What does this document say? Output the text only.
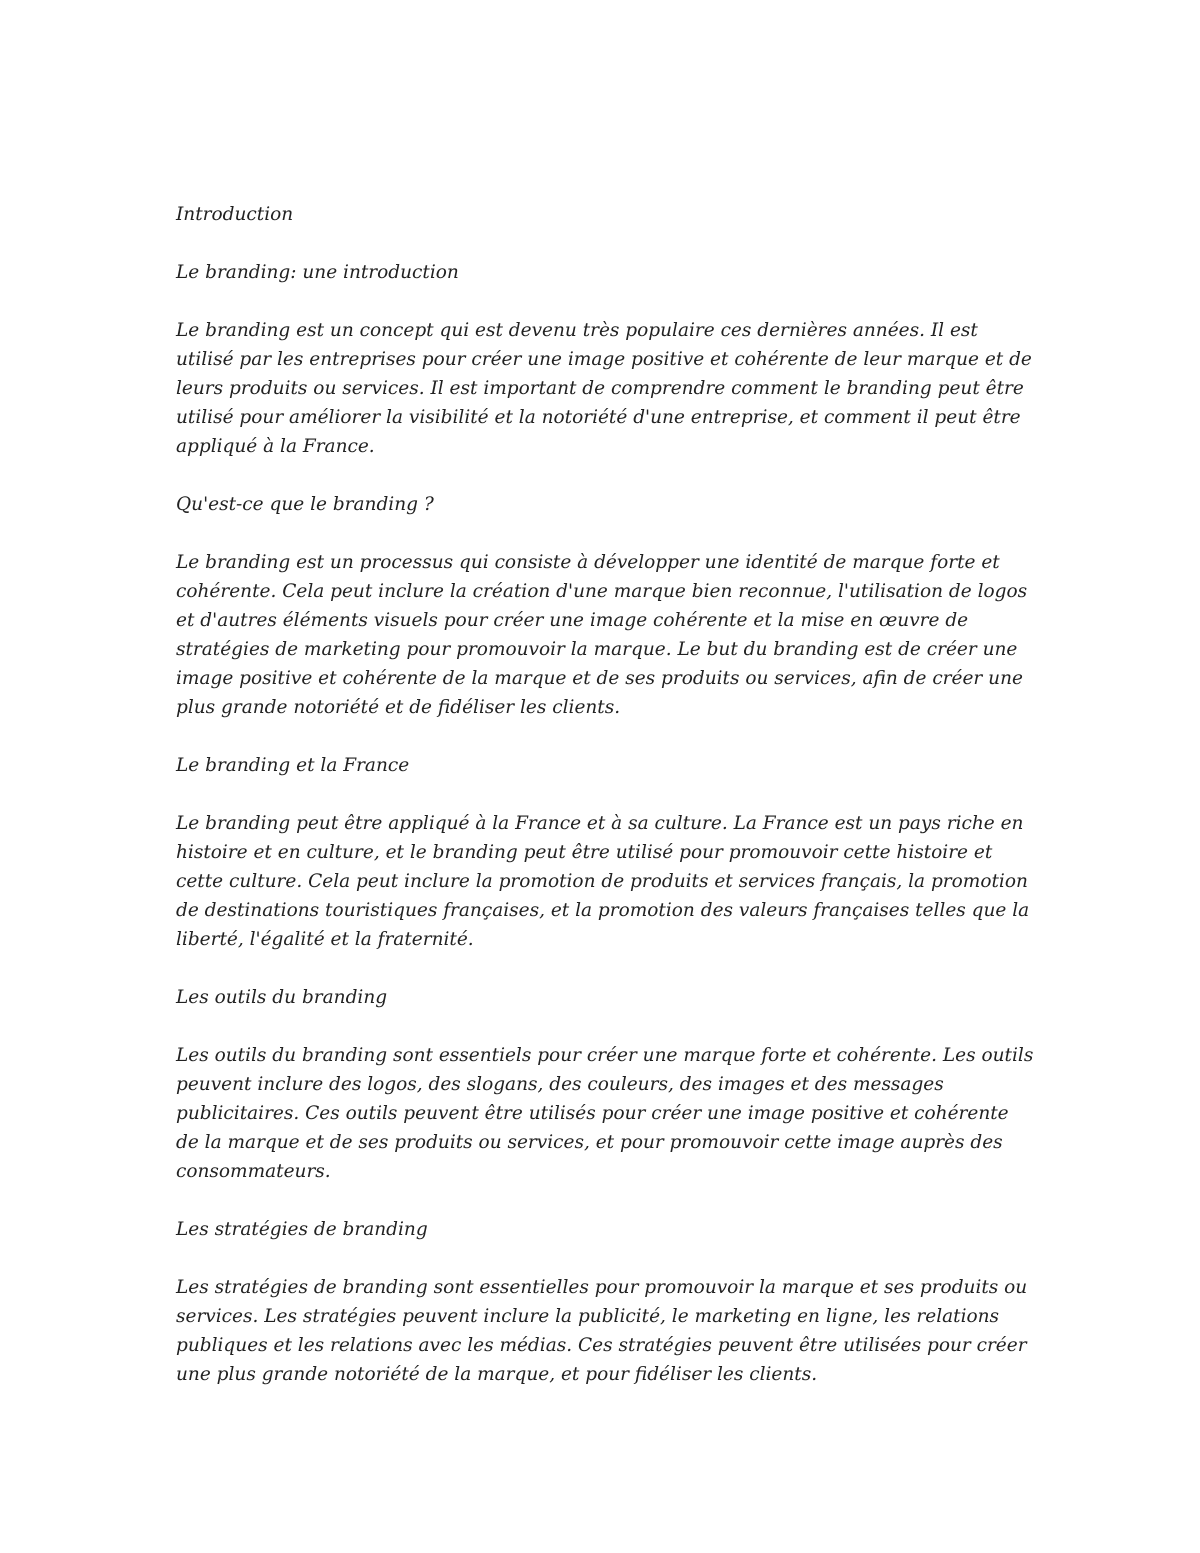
Introduction

Le branding: une introduction

Le branding est un concept qui est devenu très populaire ces dernières années. Il est utilisé par les entreprises pour créer une image positive et cohérente de leur marque et de leurs produits ou services. Il est important de comprendre comment le branding peut être utilisé pour améliorer la visibilité et la notoriété d'une entreprise, et comment il peut être appliqué à la France.

Qu'est-ce que le branding ?

Le branding est un processus qui consiste à développer une identité de marque forte et cohérente. Cela peut inclure la création d'une marque bien reconnue, l'utilisation de logos et d'autres éléments visuels pour créer une image cohérente et la mise en œuvre de stratégies de marketing pour promouvoir la marque. Le but du branding est de créer une image positive et cohérente de la marque et de ses produits ou services, afin de créer une plus grande notoriété et de fidéliser les clients.

Le branding et la France

Le branding peut être appliqué à la France et à sa culture. La France est un pays riche en histoire et en culture, et le branding peut être utilisé pour promouvoir cette histoire et cette culture. Cela peut inclure la promotion de produits et services français, la promotion de destinations touristiques françaises, et la promotion des valeurs françaises telles que la liberté, l'égalité et la fraternité.

Les outils du branding

Les outils du branding sont essentiels pour créer une marque forte et cohérente. Les outils peuvent inclure des logos, des slogans, des couleurs, des images et des messages publicitaires. Ces outils peuvent être utilisés pour créer une image positive et cohérente de la marque et de ses produits ou services, et pour promouvoir cette image auprès des consommateurs.

Les stratégies de branding

Les stratégies de branding sont essentielles pour promouvoir la marque et ses produits ou services. Les stratégies peuvent inclure la publicité, le marketing en ligne, les relations publiques et les relations avec les médias. Ces stratégies peuvent être utilisées pour créer une plus grande notoriété de la marque, et pour fidéliser les clients.
